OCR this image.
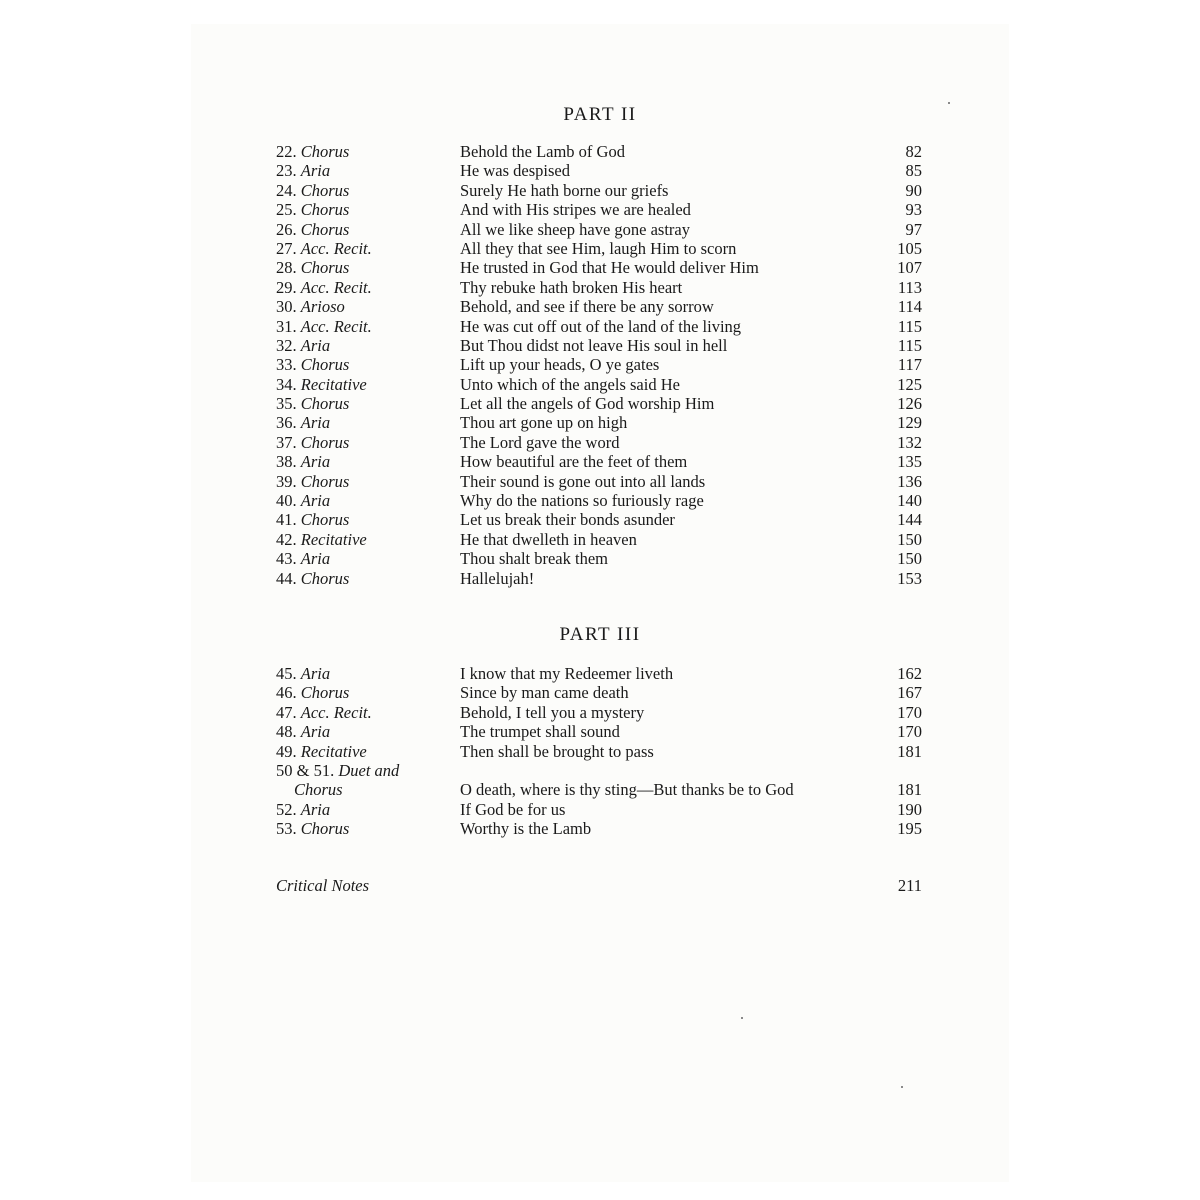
PART II
22. Chorus	Behold the Lamb of God	82
23. Aria	He was despised	85
24. Chorus	Surely He hath borne our griefs	90
25. Chorus	And with His stripes we are healed	93
26. Chorus	All we like sheep have gone astray	97
27. Acc. Recit.	All they that see Him, laugh Him to scorn	105
28. Chorus	He trusted in God that He would deliver Him	107
29. Acc. Recit.	Thy rebuke hath broken His heart	113
30. Arioso	Behold, and see if there be any sorrow	114
31. Acc. Recit.	He was cut off out of the land of the living	115
32. Aria	But Thou didst not leave His soul in hell	115
33. Chorus	Lift up your heads, O ye gates	117
34. Recitative	Unto which of the angels said He	125
35. Chorus	Let all the angels of God worship Him	126
36. Aria	Thou art gone up on high	129
37. Chorus	The Lord gave the word	132
38. Aria	How beautiful are the feet of them	135
39. Chorus	Their sound is gone out into all lands	136
40. Aria	Why do the nations so furiously rage	140
41. Chorus	Let us break their bonds asunder	144
42. Recitative	He that dwelleth in heaven	150
43. Aria	Thou shalt break them	150
44. Chorus	Hallelujah!	153
PART III
45. Aria	I know that my Redeemer liveth	162
46. Chorus	Since by man came death	167
47. Acc. Recit.	Behold, I tell you a mystery	170
48. Aria	The trumpet shall sound	170
49. Recitative	Then shall be brought to pass	181
50 & 51. Duet and
Chorus	O death, where is thy sting—But thanks be to God	181
52. Aria	If God be for us	190
53. Chorus	Worthy is the Lamb	195
Critical Notes	211
